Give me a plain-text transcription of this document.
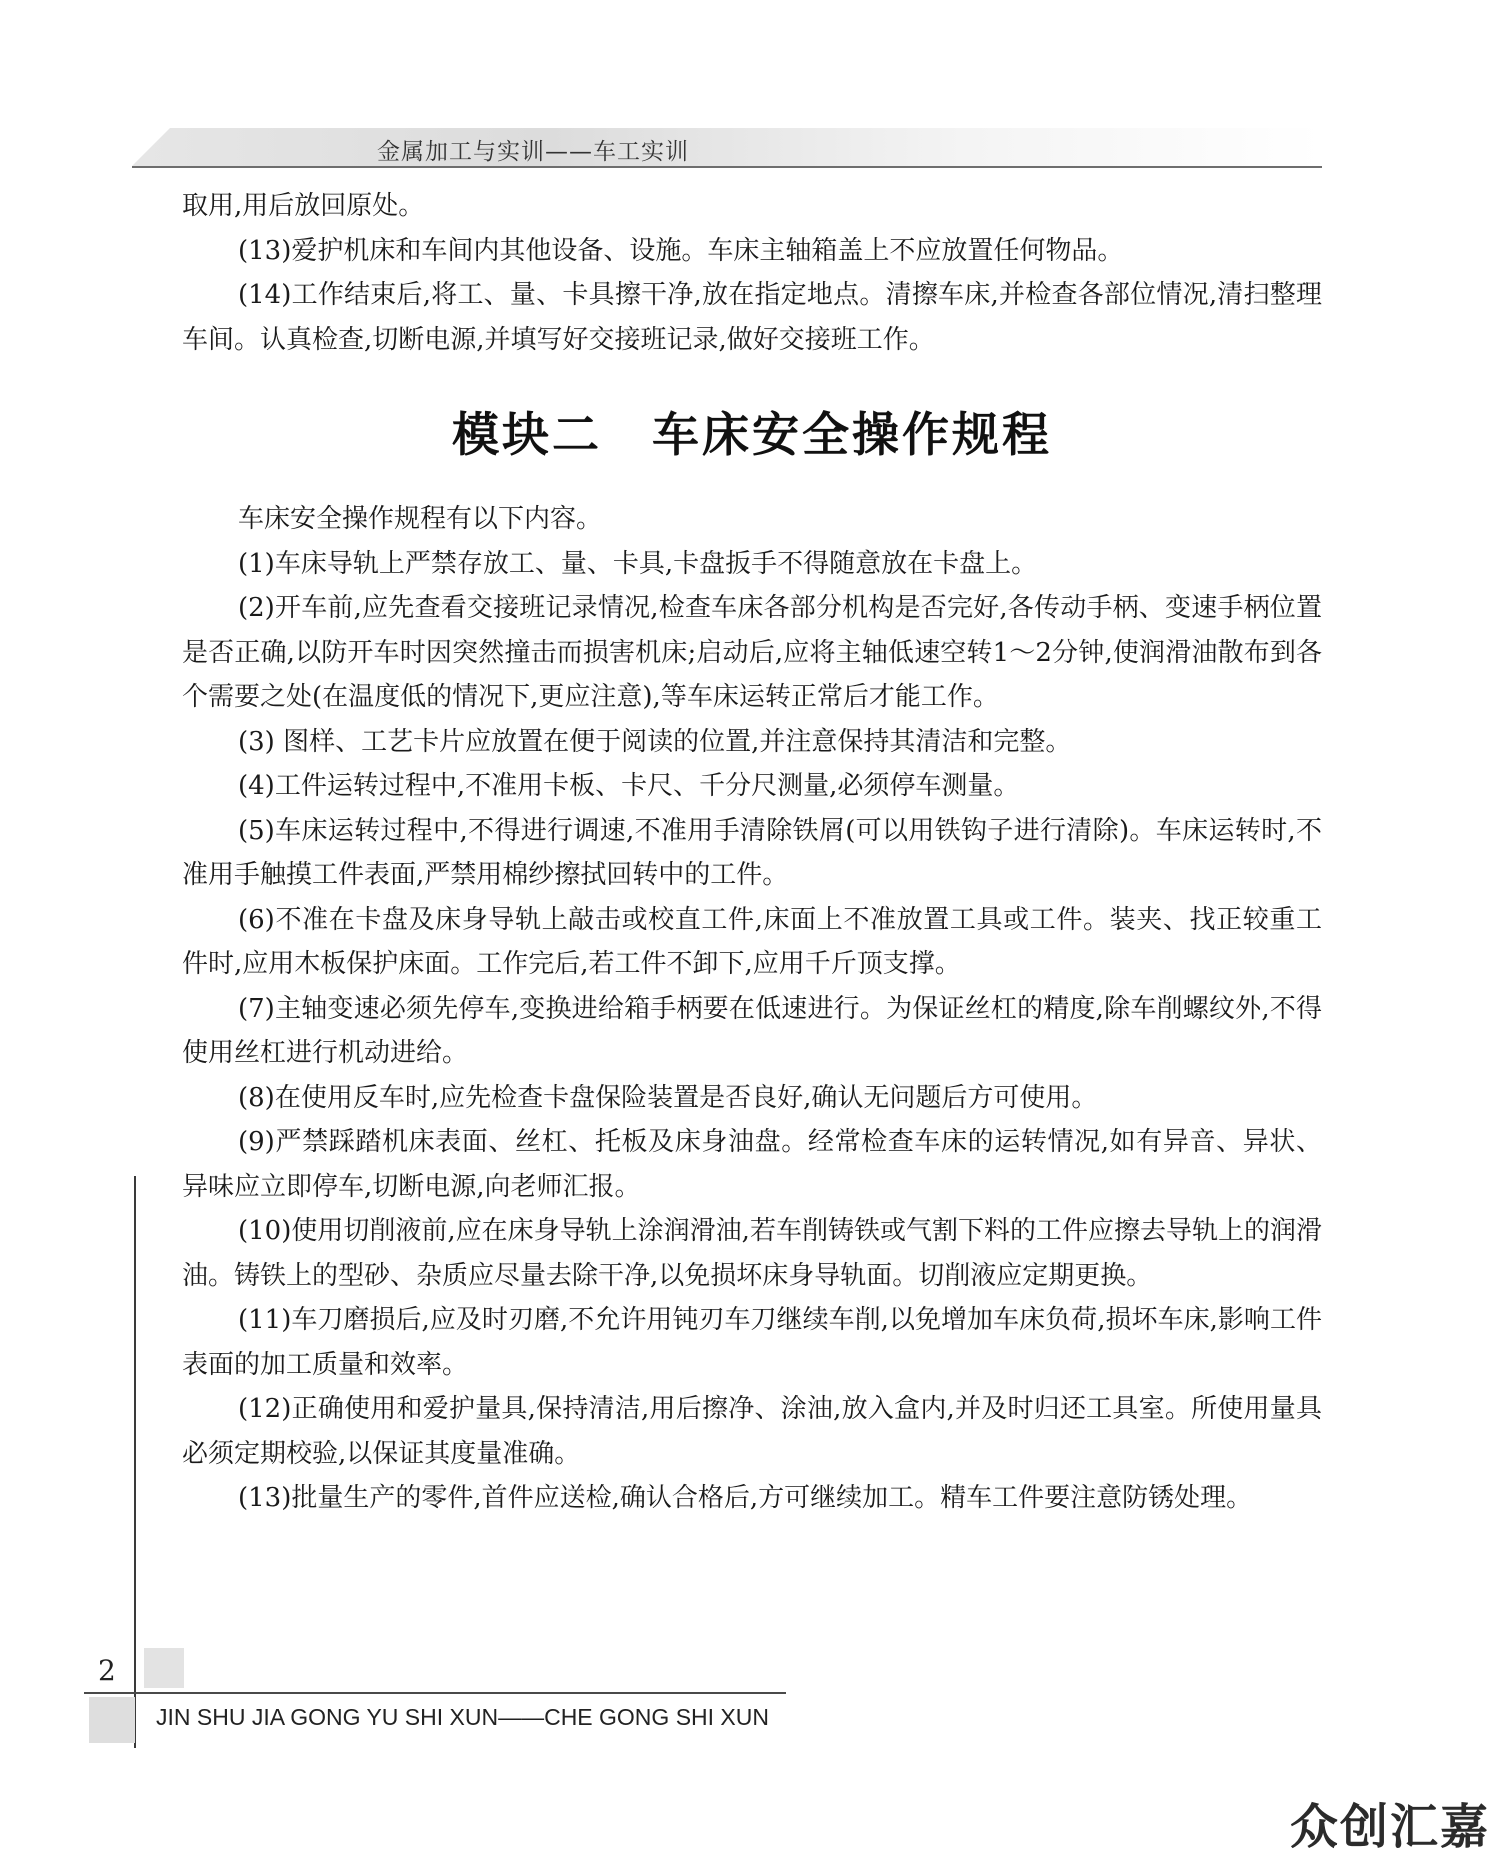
金属加工与实训——车工实训

取用,用后放回原处。

(13)爱护机床和车间内其他设备、设施。车床主轴箱盖上不应放置任何物品。

(14)工作结束后,将工、量、卡具擦干净,放在指定地点。清擦车床,并检查各部位情况,清扫整理车间。认真检查,切断电源,并填写好交接班记录,做好交接班工作。

模块二　车床安全操作规程

车床安全操作规程有以下内容。

(1)车床导轨上严禁存放工、量、卡具,卡盘扳手不得随意放在卡盘上。

(2)开车前,应先查看交接班记录情况,检查车床各部分机构是否完好,各传动手柄、变速手柄位置是否正确,以防开车时因突然撞击而损害机床;启动后,应将主轴低速空转1～2分钟,使润滑油散布到各个需要之处(在温度低的情况下,更应注意),等车床运转正常后才能工作。

(3) 图样、工艺卡片应放置在便于阅读的位置,并注意保持其清洁和完整。

(4)工件运转过程中,不准用卡板、卡尺、千分尺测量,必须停车测量。

(5)车床运转过程中,不得进行调速,不准用手清除铁屑(可以用铁钩子进行清除)。车床运转时,不准用手触摸工件表面,严禁用棉纱擦拭回转中的工件。

(6)不准在卡盘及床身导轨上敲击或校直工件,床面上不准放置工具或工件。装夹、找正较重工件时,应用木板保护床面。工作完后,若工件不卸下,应用千斤顶支撑。

(7)主轴变速必须先停车,变换进给箱手柄要在低速进行。为保证丝杠的精度,除车削螺纹外,不得使用丝杠进行机动进给。

(8)在使用反车时,应先检查卡盘保险装置是否良好,确认无问题后方可使用。

(9)严禁踩踏机床表面、丝杠、托板及床身油盘。经常检查车床的运转情况,如有异音、异状、异味应立即停车,切断电源,向老师汇报。

(10)使用切削液前,应在床身导轨上涂润滑油,若车削铸铁或气割下料的工件应擦去导轨上的润滑油。铸铁上的型砂、杂质应尽量去除干净,以免损坏床身导轨面。切削液应定期更换。

(11)车刀磨损后,应及时刃磨,不允许用钝刃车刀继续车削,以免增加车床负荷,损坏车床,影响工件表面的加工质量和效率。

(12)正确使用和爱护量具,保持清洁,用后擦净、涂油,放入盒内,并及时归还工具室。所使用量具必须定期校验,以保证其度量准确。

(13)批量生产的零件,首件应送检,确认合格后,方可继续加工。精车工件要注意防锈处理。

2
JIN SHU JIA GONG YU SHI XUN——CHE GONG SHI XUN
众创汇嘉
